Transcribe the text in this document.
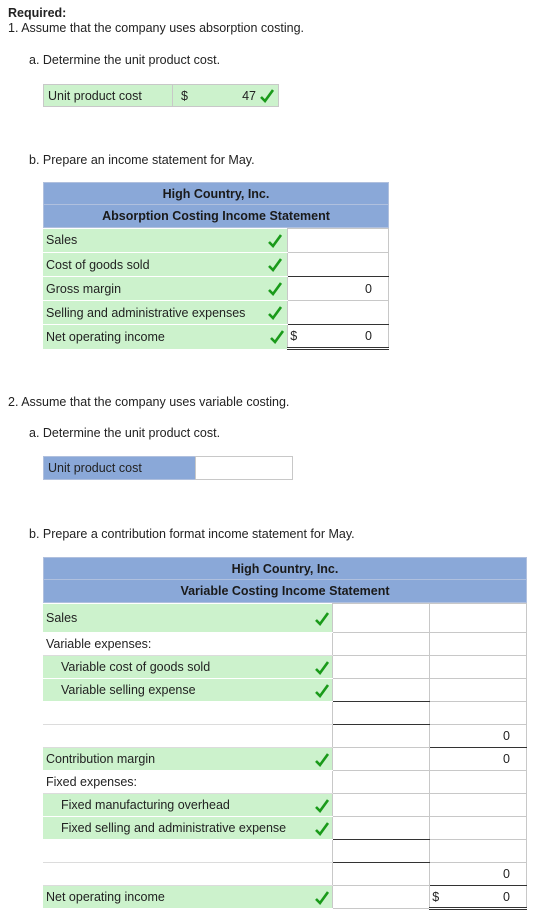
Required:
1. Assume that the company uses absorption costing.
a. Determine the unit product cost.
Unit product cost	$	47
b. Prepare an income statement for May.
High Country, Inc.
Absorption Costing Income Statement
Sales

Cost of goods sold

Gross margin	0
Selling and administrative expenses

Net operating income	$ 0
2. Assume that the company uses variable costing.
a. Determine the unit product cost.
Unit product cost
b. Prepare a contribution format income statement for May.
High Country, Inc.
Variable Costing Income Statement
Sales

Variable expenses:		

Variable cost of goods sold

Variable selling expense

		0

Contribution margin		0

Fixed expenses:		

Fixed manufacturing overhead

Fixed selling and administrative expense

		0

Net operating income		$ 0
